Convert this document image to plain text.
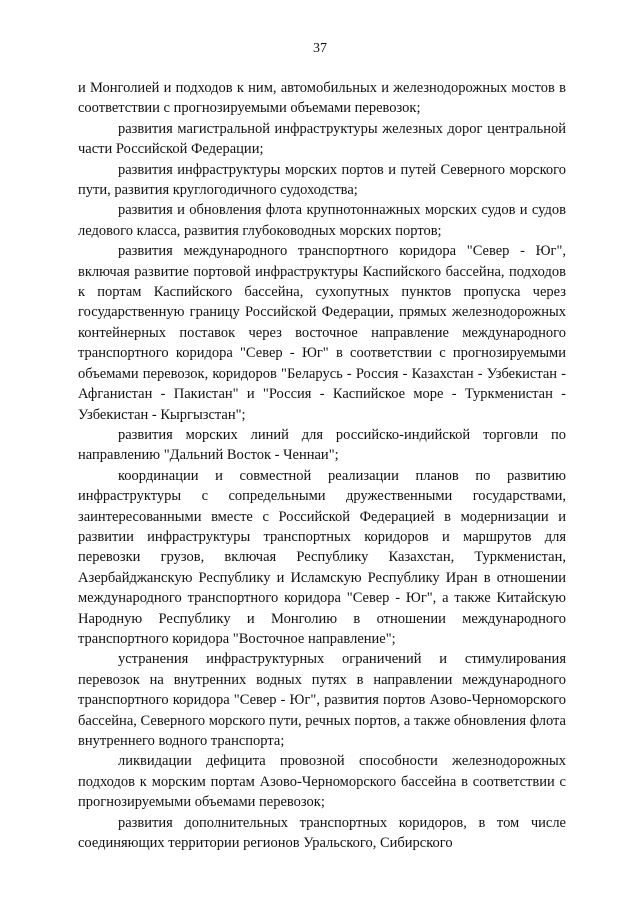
37

и Монголией и подходов к ним, автомобильных и железнодорожных мостов в соответствии с прогнозируемыми объемами перевозок;

развития магистральной инфраструктуры железных дорог центральной части Российской Федерации;

развития инфраструктуры морских портов и путей Северного морского пути, развития круглогодичного судоходства;

развития и обновления флота крупнотоннажных морских судов и судов ледового класса, развития глубоководных морских портов;

развития международного транспортного коридора "Север - Юг", включая развитие портовой инфраструктуры Каспийского бассейна, подходов к портам Каспийского бассейна, сухопутных пунктов пропуска через государственную границу Российской Федерации, прямых железнодорожных контейнерных поставок через восточное направление международного транспортного коридора "Север - Юг" в соответствии с прогнозируемыми объемами перевозок, коридоров "Беларусь - Россия - Казахстан - Узбекистан - Афганистан - Пакистан" и "Россия - Каспийское море - Туркменистан - Узбекистан - Кыргызстан";

развития морских линий для российско-индийской торговли по направлению "Дальний Восток - Ченнаи";

координации и совместной реализации планов по развитию инфраструктуры с сопредельными дружественными государствами, заинтересованными вместе с Российской Федерацией в модернизации и развитии инфраструктуры транспортных коридоров и маршрутов для перевозки грузов, включая Республику Казахстан, Туркменистан, Азербайджанскую Республику и Исламскую Республику Иран в отношении международного транспортного коридора "Север - Юг", а также Китайскую Народную Республику и Монголию в отношении международного транспортного коридора "Восточное направление";

устранения инфраструктурных ограничений и стимулирования перевозок на внутренних водных путях в направлении международного транспортного коридора "Север - Юг", развития портов Азово-Черноморского бассейна, Северного морского пути, речных портов, а также обновления флота внутреннего водного транспорта;

ликвидации дефицита провозной способности железнодорожных подходов к морским портам Азово-Черноморского бассейна в соответствии с прогнозируемыми объемами перевозок;

развития дополнительных транспортных коридоров, в том числе соединяющих территории регионов Уральского, Сибирского
